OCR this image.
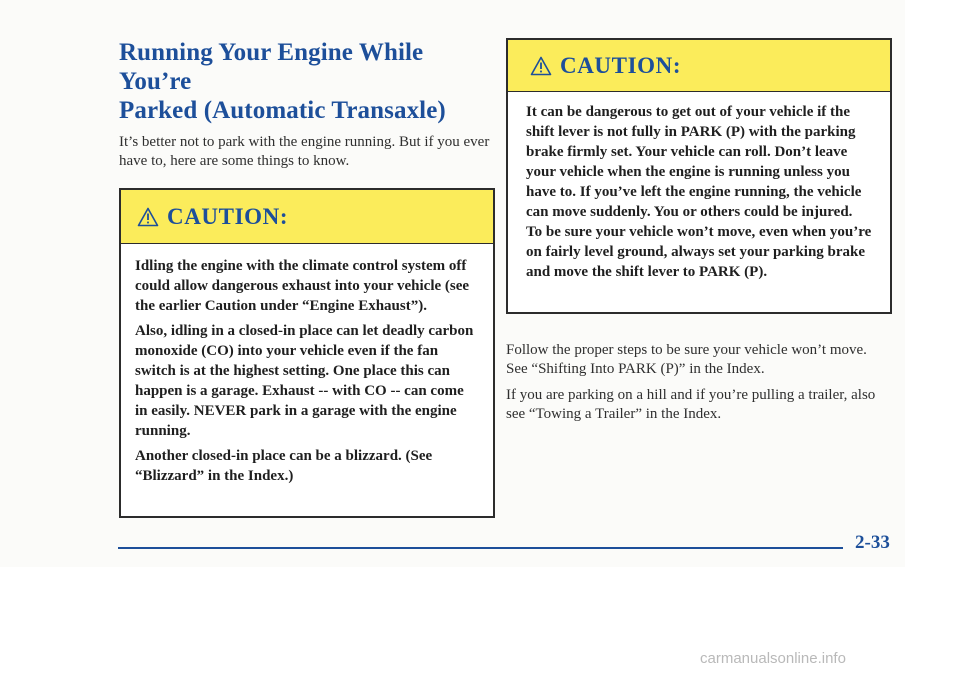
Running Your Engine While You’re
Parked (Automatic Transaxle)

It’s better not to park with the engine running. But if you ever have to, here are some things to know.

CAUTION:

Idling the engine with the climate control system off could allow dangerous exhaust into your vehicle (see the earlier Caution under “Engine Exhaust”).

Also, idling in a closed-in place can let deadly carbon monoxide (CO) into your vehicle even if the fan switch is at the highest setting. One place this can happen is a garage. Exhaust -- with CO -- can come in easily. NEVER park in a garage with the engine running.

Another closed-in place can be a blizzard. (See “Blizzard” in the Index.)

CAUTION:

It can be dangerous to get out of your vehicle if the shift lever is not fully in PARK (P) with the parking brake firmly set. Your vehicle can roll. Don’t leave your vehicle when the engine is running unless you have to. If you’ve left the engine running, the vehicle can move suddenly. You or others could be injured. To be sure your vehicle won’t move, even when you’re on fairly level ground, always set your parking brake and move the shift lever to PARK (P).

Follow the proper steps to be sure your vehicle won’t move. See “Shifting Into PARK (P)” in the Index.

If you are parking on a hill and if you’re pulling a trailer, also see “Towing a Trailer” in the Index.

2-33
carmanualsonline.info
